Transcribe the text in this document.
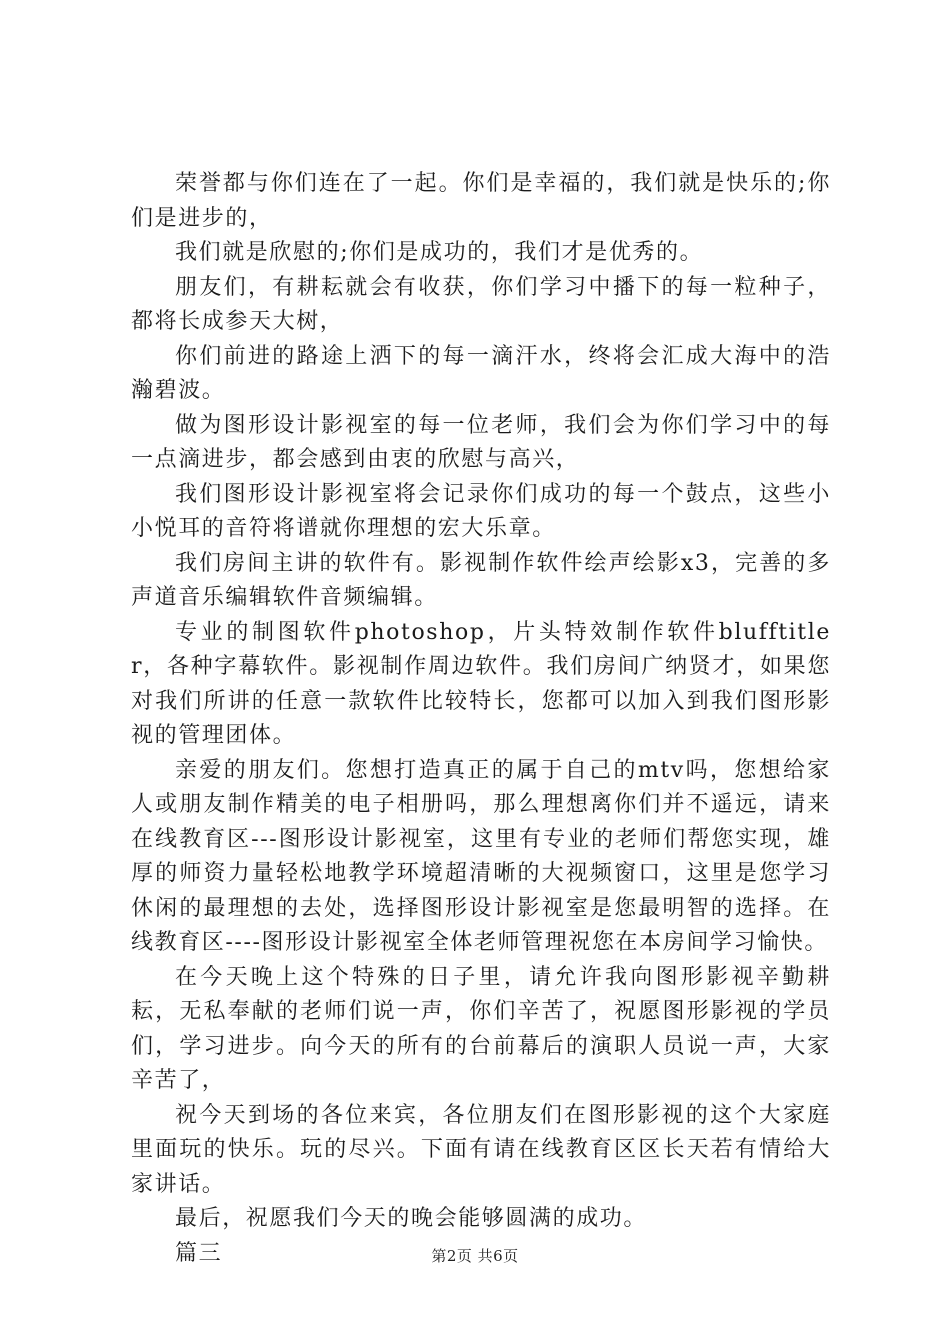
荣誉都与你们连在了一起。你们是幸福的，我们就是快乐的;你们是进步的，

我们就是欣慰的;你们是成功的，我们才是优秀的。

朋友们，有耕耘就会有收获，你们学习中播下的每一粒种子，都将长成参天大树，

你们前进的路途上洒下的每一滴汗水，终将会汇成大海中的浩瀚碧波。

做为图形设计影视室的每一位老师，我们会为你们学习中的每一点滴进步，都会感到由衷的欣慰与高兴，

我们图形设计影视室将会记录你们成功的每一个鼓点，这些小小悦耳的音符将谱就你理想的宏大乐章。

我们房间主讲的软件有。影视制作软件绘声绘影x3，完善的多声道音乐编辑软件音频编辑。

专业的制图软件photoshop，片头特效制作软件blufftitler，各种字幕软件。影视制作周边软件。我们房间广纳贤才，如果您对我们所讲的任意一款软件比较特长，您都可以加入到我们图形影视的管理团体。

亲爱的朋友们。您想打造真正的属于自己的mtv吗，您想给家人或朋友制作精美的电子相册吗，那么理想离你们并不遥远，请来在线教育区---图形设计影视室，这里有专业的老师们帮您实现，雄厚的师资力量轻松地教学环境超清晰的大视频窗口，这里是您学习休闲的最理想的去处，选择图形设计影视室是您最明智的选择。在线教育区----图形设计影视室全体老师管理祝您在本房间学习愉快。

在今天晚上这个特殊的日子里，请允许我向图形影视辛勤耕耘，无私奉献的老师们说一声，你们辛苦了，祝愿图形影视的学员们，学习进步。向今天的所有的台前幕后的演职人员说一声，大家辛苦了，

祝今天到场的各位来宾，各位朋友们在图形影视的这个大家庭里面玩的快乐。玩的尽兴。下面有请在线教育区区长天若有情给大家讲话。

最后，祝愿我们今天的晚会能够圆满的成功。

篇三	第2页 共6页
